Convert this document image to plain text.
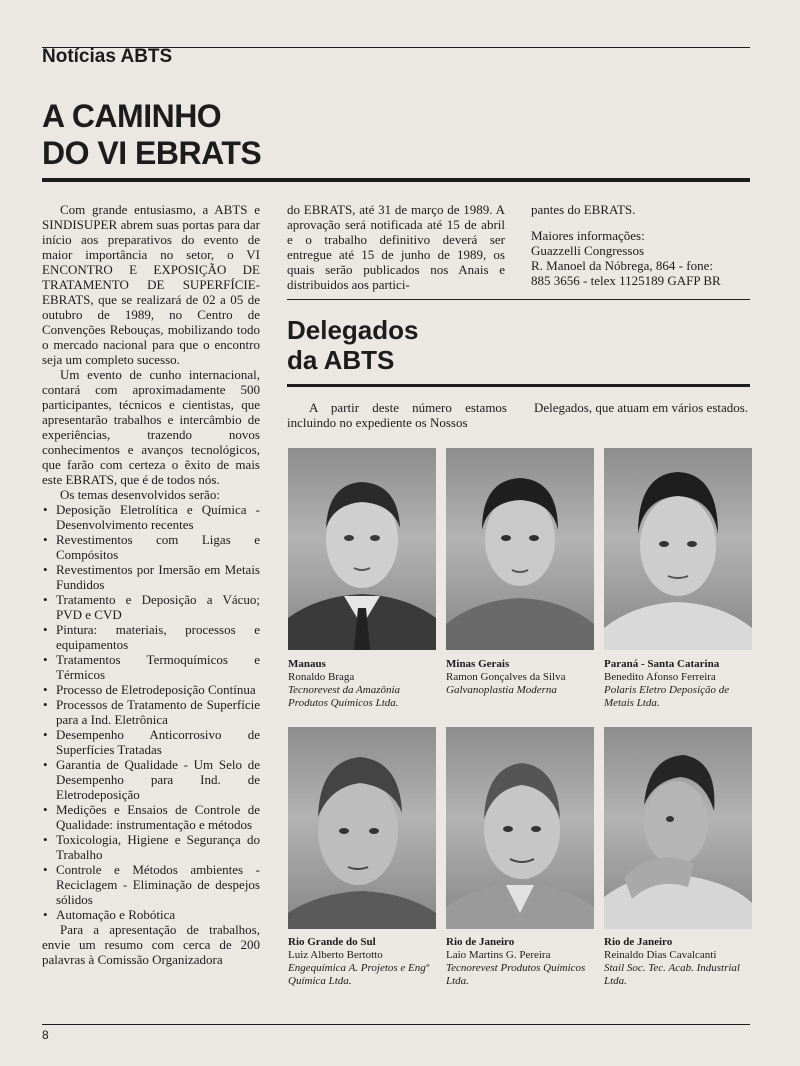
Notícias ABTS
A CAMINHO
DO VI EBRATS

Com grande entusiasmo, a ABTS e SINDISUPER abrem suas portas para dar início aos preparativos do evento de maior importância no setor, o VI ENCONTRO E EXPOSIÇÃO DE TRATAMENTO DE SUPERFÍCIE-EBRATS, que se realizará de 02 a 05 de outubro de 1989, no Centro de Convenções Rebouças, mobilizando todo o mercado nacional para que o encontro seja um completo sucesso.

Um evento de cunho internacional, contará com aproximadamente 500 participantes, técnicos e cientistas, que apresentarão trabalhos e intercâmbio de experiências, trazendo novos conhecimentos e avanços tecnológicos, que farão com certeza o êxito de mais este EBRATS, que é de todos nós.

Os temas desenvolvidos serão:

• Deposição Eletrolítica e Química - Desenvolvimento recentes
• Revestimentos com Ligas e Compósitos
• Revestimentos por Imersão em Metais Fundidos
• Tratamento e Deposição a Vácuo; PVD e CVD
• Pintura: materiais, processos e equipamentos
• Tratamentos Termoquímicos e Térmicos
• Processo de Eletrodeposição Contínua
• Processos de Tratamento de Superfície para a Ind. Eletrônica
• Desempenho Anticorrosivo de Superfícies Tratadas
• Garantia de Qualidade - Um Selo de Desempenho para Ind. de Eletrodeposição
• Medições e Ensaios de Controle de Qualidade: instrumentação e métodos
• Toxicologia, Higiene e Segurança do Trabalho
• Controle e Métodos ambientes - Reciclagem - Eliminação de despejos sólidos
• Automação e Robótica

Para a apresentação de trabalhos, envie um resumo com cerca de 200 palavras à Comissão Organizadora

do EBRATS, até 31 de março de 1989. A aprovação será notificada até 15 de abril e o trabalho definitivo deverá ser entregue até 15 de junho de 1989, os quais serão publicados nos Anais e distribuidos aos partici-

pantes do EBRATS.

Maiores informações:

Guazzelli Congressos

R. Manoel da Nóbrega, 864 - fone:

885 3656 - telex 1125189 GAFP BR

Delegados
da ABTS

A partir deste número estamos incluindo no expediente os Nossos

Delegados, que atuam em vários estados.

Manaus
Ronaldo Braga
Tecnorevest da Amazônia Produtos Químicos Ltda.
Minas Gerais
Ramon Gonçalves da Silva
Galvanoplastia Moderna
Paraná - Santa Catarina
Benedito Afonso Ferreira
Polaris Eletro Deposição de Metais Ltda.
Rio Grande do Sul
Luiz Alberto Bertotto
Engequímica A. Projetos e Engº Química Ltda.
Rio de Janeiro
Laio Martins G. Pereira
Tecnorevest Produtos Químicos Ltda.
Rio de Janeiro
Reinaldo Dias Cavalcanti
Stail Soc. Tec. Acab. Industrial Ltda.
8
